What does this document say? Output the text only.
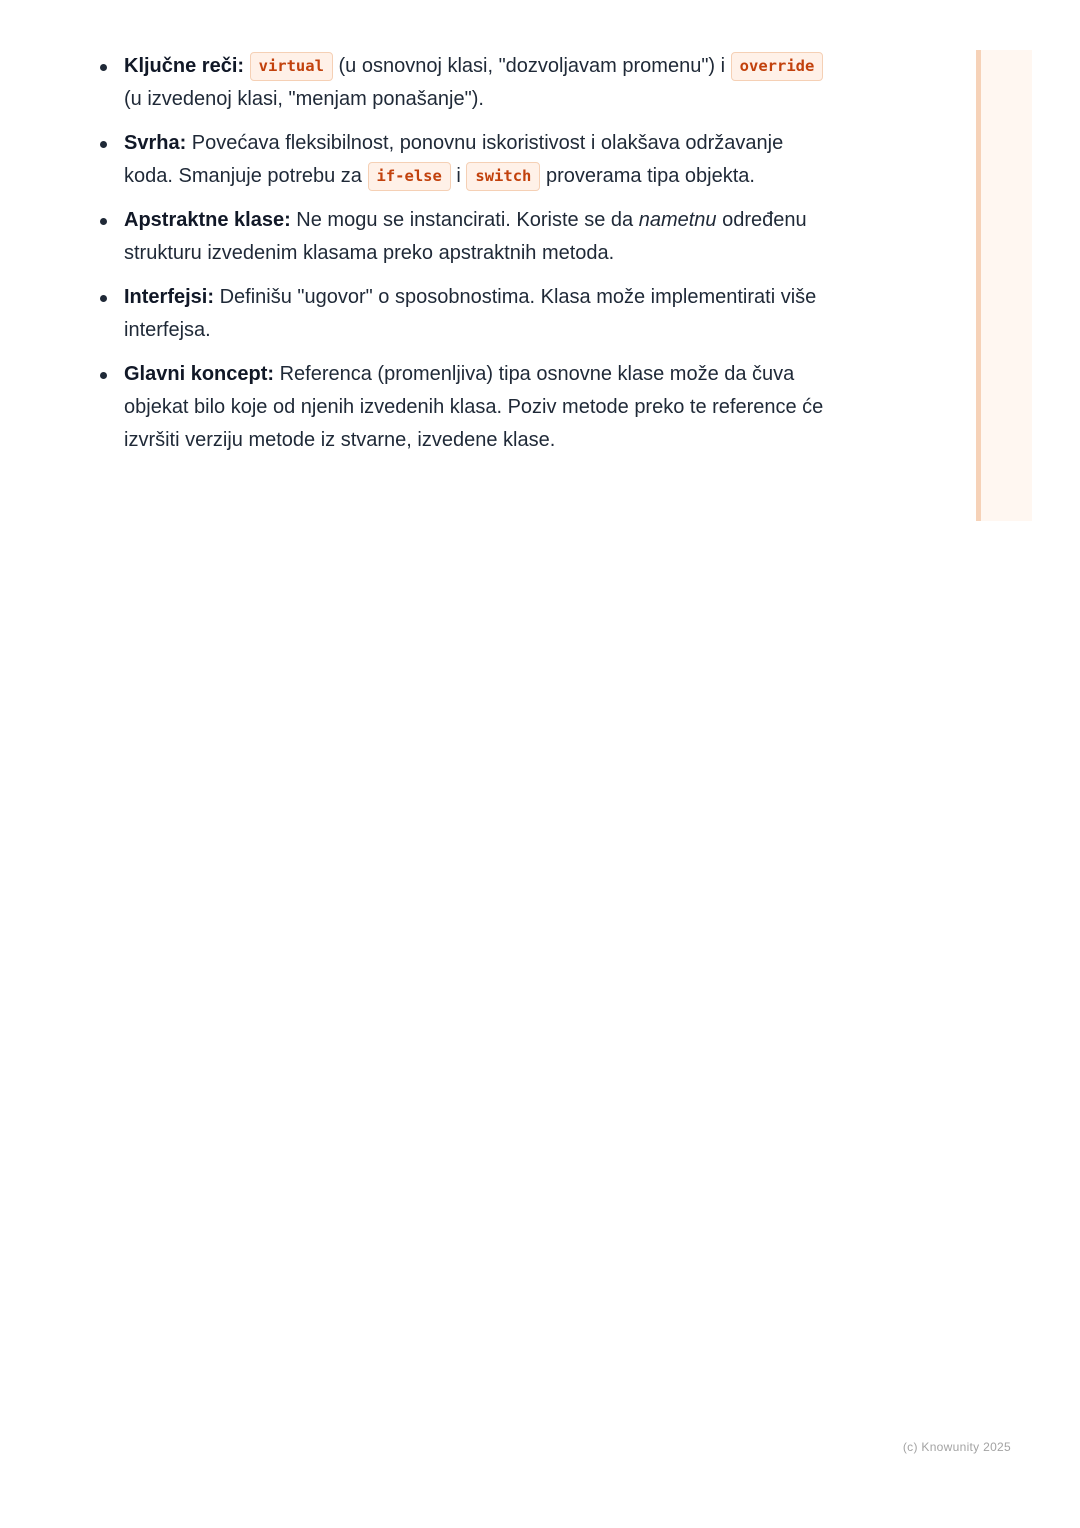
Ključne reči: virtual (u osnovnoj klasi, "dozvoljavam promenu") i override (u izvedenoj klasi, "menjam ponašanje").
Svrha: Povećava fleksibilnost, ponovnu iskoristivost i olakšava održavanje koda. Smanjuje potrebu za if-else i switch proverama tipa objekta.
Apstraktne klase: Ne mogu se instancirati. Koriste se da nametnu određenu strukturu izvedenim klasama preko apstraktnih metoda.
Interfejsi: Definišu "ugovor" o sposobnostima. Klasa može implementirati više interfejsa.
Glavni koncept: Referenca (promenljiva) tipa osnovne klase može da čuva objekat bilo koje od njenih izvedenih klasa. Poziv metode preko te reference će izvršiti verziju metode iz stvarne, izvedene klase.
(c) Knowunity 2025
